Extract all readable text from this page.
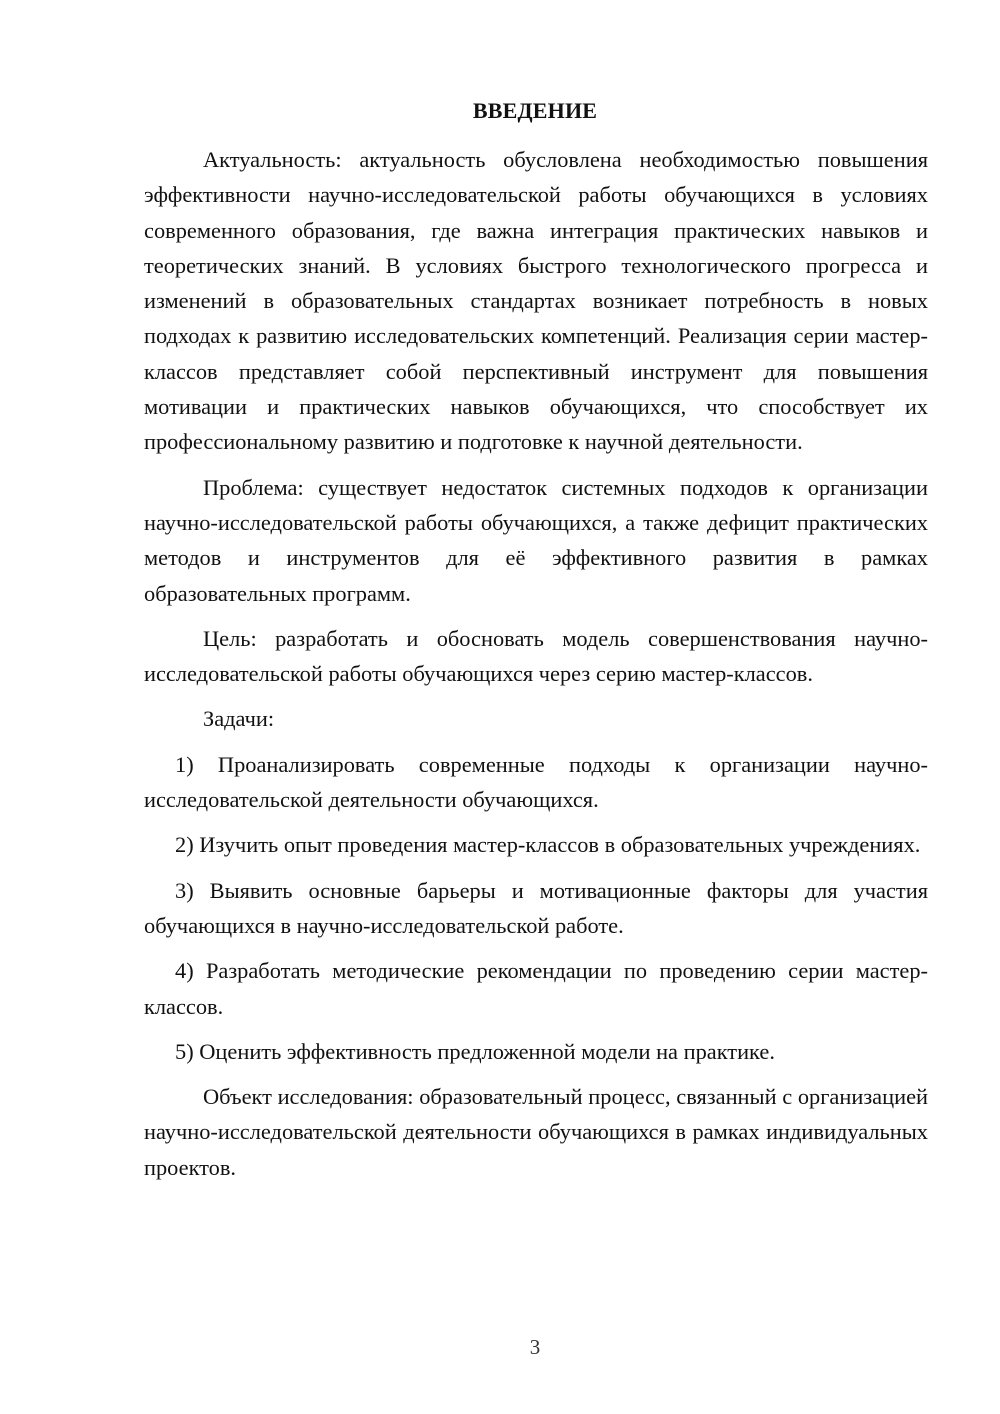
ВВЕДЕНИЕ

Актуальность: актуальность обусловлена необходимостью повышения эффективности научно-исследовательской работы обучающихся в условиях современного образования, где важна интеграция практических навыков и теоретических знаний. В условиях быстрого технологического прогресса и изменений в образовательных стандартах возникает потребность в новых подходах к развитию исследовательских компетенций. Реализация серии мастер-классов представляет собой перспективный инструмент для повышения мотивации и практических навыков обучающихся, что способствует их профессиональному развитию и подготовке к научной деятельности.

Проблема: существует недостаток системных подходов к организации научно-исследовательской работы обучающихся, а также дефицит практических методов и инструментов для её эффективного развития в рамках образовательных программ.

Цель: разработать и обосновать модель совершенствования научно-исследовательской работы обучающихся через серию мастер-классов.

Задачи:

1) Проанализировать современные подходы к организации научно-исследовательской деятельности обучающихся.

2) Изучить опыт проведения мастер-классов в образовательных учреждениях.

3) Выявить основные барьеры и мотивационные факторы для участия обучающихся в научно-исследовательской работе.

4) Разработать методические рекомендации по проведению серии мастер-классов.

5) Оценить эффективность предложенной модели на практике.

Объект исследования: образовательный процесс, связанный с организацией научно-исследовательской деятельности обучающихся в рамках индивидуальных проектов.

3
